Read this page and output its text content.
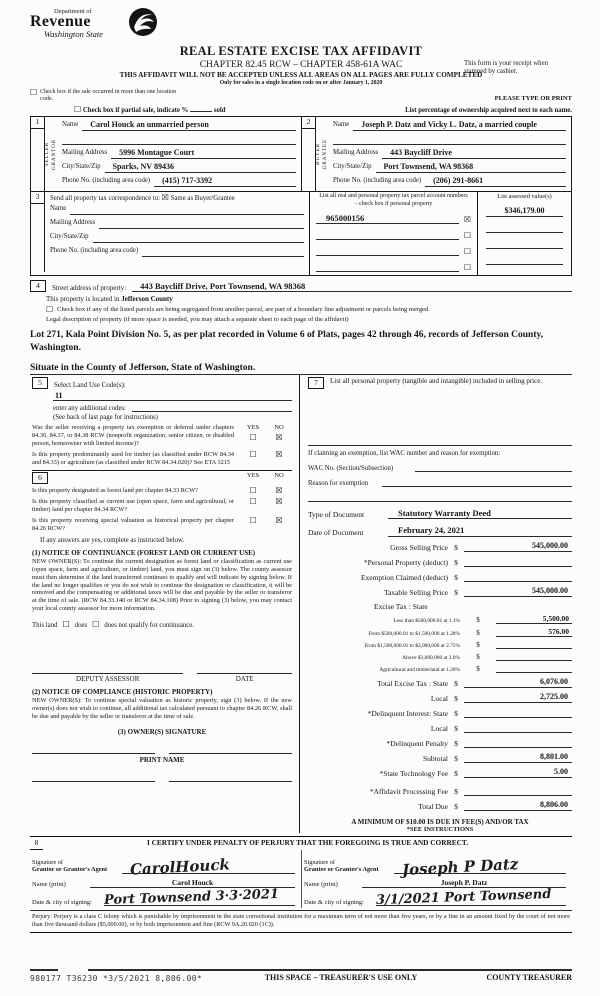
Department of
Revenue
Washington State
REAL ESTATE EXCISE TAX AFFIDAVIT
CHAPTER 82.45 RCW – CHAPTER 458-61A WAC
THIS AFFIDAVIT WILL NOT BE ACCEPTED UNLESS ALL AREAS ON ALL PAGES ARE FULLY COMPLETED
Only for sales in a single location code on or after January 1, 2020
This form is your receipt when stamped by cashier.
☐ Check box if the sale occurred in more than one location code.	PLEASE TYPE OR PRINT
☐ Check box if partial sale, indicate %	sold	List percentage of ownership acquired next to each name.
1
SELLER GRANTOR
Name	Carol Houck an unmarried person
Mailing Address	5996 Montague Court
City/State/Zip	Sparks, NV 89436
Phone No. (including area code)	(415) 717-3392
2
BUYER GRANTEE
Name	Joseph P. Datz and Vicky L. Datz, a married couple
Mailing Address	443 Baycliff Drive
City/State/Zip	Port Townsend, WA 98368
Phone No. (including area code)	(206) 291-8661
3	Send all property tax correspondence to: ☒ Same as Buyer/Grantee
Name
Mailing Address
City/State/Zip
Phone No. (including area code)
List all real and personal property tax parcel account numbers
– check box if personal property
965000156	☒
☐
☐
☐
List assessed value(s)
$346,179.00
4	Street address of property:	443 Baycliff Drive, Port Townsend, WA 98368
This property is located in Jefferson County
☐ Check box if any of the listed parcels are being segregated from another parcel, are part of a boundary line adjustment or parcels being merged.
Legal description of property (if more space is needed, you may attach a separate sheet to each page of the affidavit)
Lot 271, Kala Point Division No. 5, as per plat recorded in Volume 6 of Plats, pages 42 through 46, records of Jefferson County, Washington.
Situate in the County of Jefferson, State of Washington.
5	Select Land Use Code(s):
11
enter any additional codes:
(See back of last page for instructions)
Was the seller receiving a property tax exemption or deferral under chapters 84.36, 84.37, or 84.38 RCW (nonprofit organization, senior citizen, or disabled person, homeowner with limited income)?
YES
☐
NO
☒
Is this property predominantly used for timber (as classified under RCW 84.34 and 84.33) or agriculture (as classified under RCW 84.34.020)? See ETA 3215
☐ ☒
6	YES	NO
Is this property designated as forest land per chapter 84.33 RCW?	☐ ☒
Is this property classified as current use (open space, farm and agricultural, or timber) land per chapter 84.34 RCW?
☐ ☒
Is this property receiving special valuation as historical property per chapter 84.26 RCW?
☐ ☒
If any answers are yes, complete as instructed below.
(1) NOTICE OF CONTINUANCE (FOREST LAND OR CURRENT USE)
NEW OWNER(S): To continue the current designation as forest land or classification as current use (open space, farm and agriculture, or timber) land, you must sign on (3) below. The county assessor must then determine if the land transferred continues to qualify and will indicate by signing below. If the land no longer qualifies or you do not wish to continue the designation or classification, it will be removed and the compensating or additional taxes will be due and payable by the seller or transferor at the time of sale. (RCW 84.33.140 or RCW 84.34.108) Prior to signing (3) below, you may contact your local county assessor for more information.
This land ☐ does ☐ does not qualify for continuance.
DEPUTY ASSESSOR	DATE
(2) NOTICE OF COMPLIANCE (HISTORIC PROPERTY)
NEW OWNER(S): To continue special valuation as historic property, sign (3) below. If the new owner(s) does not wish to continue, all additional tax calculated pursuant to chapter 84.26 RCW, shall be due and payable by the seller or transferor at the time of sale.
(3) OWNER(S) SIGNATURE
PRINT NAME
7	List all personal property (tangible and intangible) included in selling price.
If claiming an exemption, list WAC number and reason for exemption:
WAC No. (Section/Subsection)
Reason for exemption
Type of Document	Statutory Warranty Deed
Date of Document	February 24, 2021
Gross Selling Price $	545,000.00
*Personal Property (deduct) $
Exemption Claimed (deduct) $
Taxable Selling Price $	545,000.00
Excise Tax : State
Less than $500,000.01 at 1.1%	$	5,500.00
From $500,000.01 to $1,500,000 at 1.28%	$	576.00
From $1,500,000.01 to $3,000,000 at 2.75%	$
Above $3,000,000 at 3.0%	$
Agricultural and timberland at 1.28%	$
Total Excise Tax : State $	6,076.00
Local $	2,725.00
*Delinquent Interest: State $
Local $
*Delinquent Penalty $
Subtotal $	8,801.00
*State Technology Fee $	5.00
*Affidavit Processing Fee $
Total Due $	8,806.00
A MINIMUM OF $10.00 IS DUE IN FEE(S) AND/OR TAX
*SEE INSTRUCTIONS
8	I CERTIFY UNDER PENALTY OF PERJURY THAT THE FOREGOING IS TRUE AND CORRECT.
Signature of
Grantor or Grantor's Agent	CarolHouck
Name (print)	Carol Houck
Date & city of signing: Port Townsend 3·3·2021
Signature of
Grantee or Grantee's Agent	Joseph P Datz
Name (print)	Joseph P. Datz
Date & city of signing: 3/1/2021 Port Townsend
Perjury: Perjury is a class C felony which is punishable by imprisonment in the state correctional institution for a maximum term of not more than five years, or by a fine in an amount fixed by the court of not more than five thousand dollars ($5,000.00), or by both imprisonment and fine (RCW 9A.20.020 (1C)).
980177 T36230 *3/5/2021 8,806.00*	THIS SPACE – TREASURER'S USE ONLY	COUNTY TREASURER
